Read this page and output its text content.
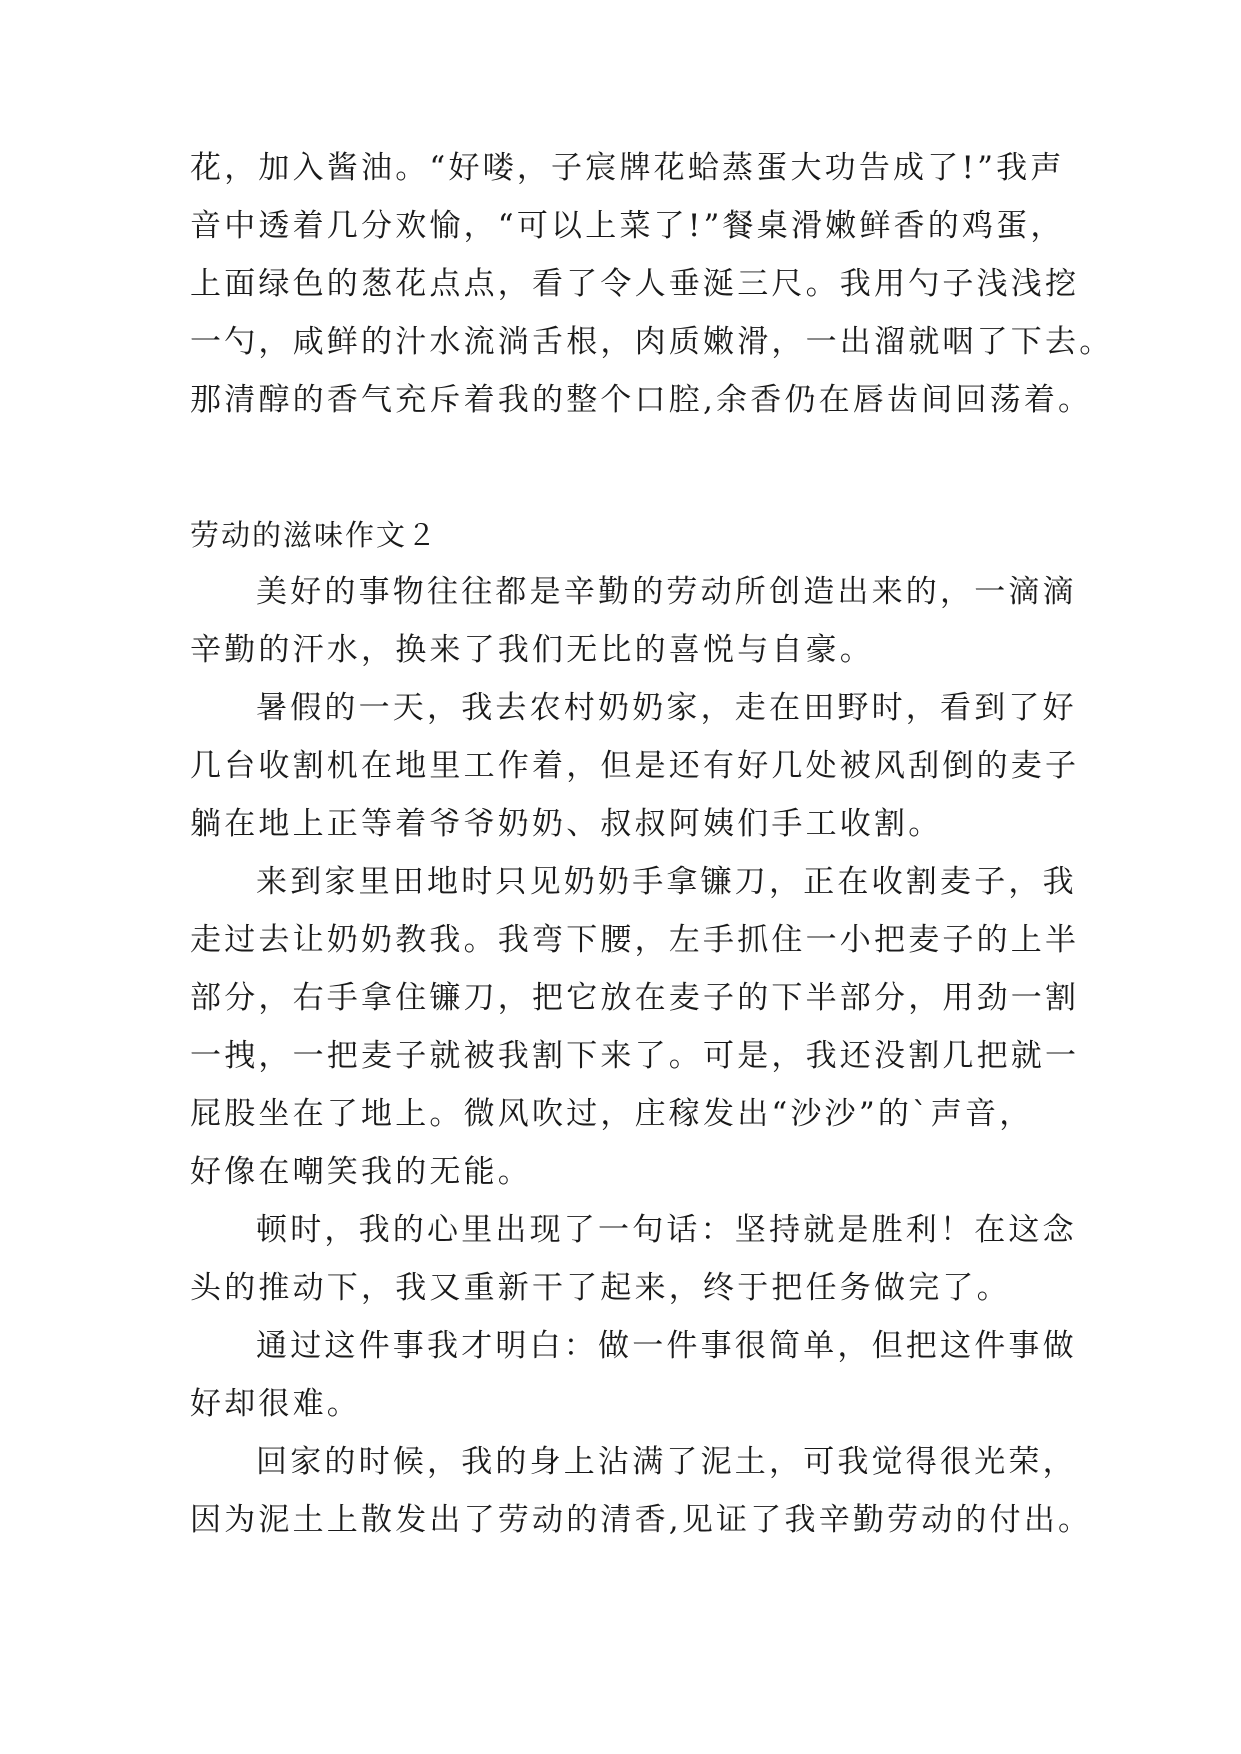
花，加入酱油。“好喽，子宸牌花蛤蒸蛋大功告成了!”我声
音中透着几分欢愉，“可以上菜了!”餐桌滑嫩鲜香的鸡蛋，
上面绿色的葱花点点，看了令人垂涎三尺。我用勺子浅浅挖
一勺，咸鲜的汁水流淌舌根，肉质嫩滑，一出溜就咽了下去。
那清醇的香气充斥着我的整个口腔,余香仍在唇齿间回荡着。
劳动的滋味作文２
美好的事物往往都是辛勤的劳动所创造出来的，一滴滴
辛勤的汗水，换来了我们无比的喜悦与自豪。
暑假的一天，我去农村奶奶家，走在田野时，看到了好
几台收割机在地里工作着，但是还有好几处被风刮倒的麦子
躺在地上正等着爷爷奶奶、叔叔阿姨们手工收割。
来到家里田地时只见奶奶手拿镰刀，正在收割麦子，我
走过去让奶奶教我。我弯下腰，左手抓住一小把麦子的上半
部分，右手拿住镰刀，把它放在麦子的下半部分，用劲一割
一拽，一把麦子就被我割下来了。可是，我还没割几把就一
屁股坐在了地上。微风吹过，庄稼发出“沙沙”的`声音，
好像在嘲笑我的无能。
顿时，我的心里出现了一句话：坚持就是胜利！在这念
头的推动下，我又重新干了起来，终于把任务做完了。
通过这件事我才明白：做一件事很简单，但把这件事做
好却很难。
回家的时候，我的身上沾满了泥土，可我觉得很光荣，
因为泥土上散发出了劳动的清香,见证了我辛勤劳动的付出。
